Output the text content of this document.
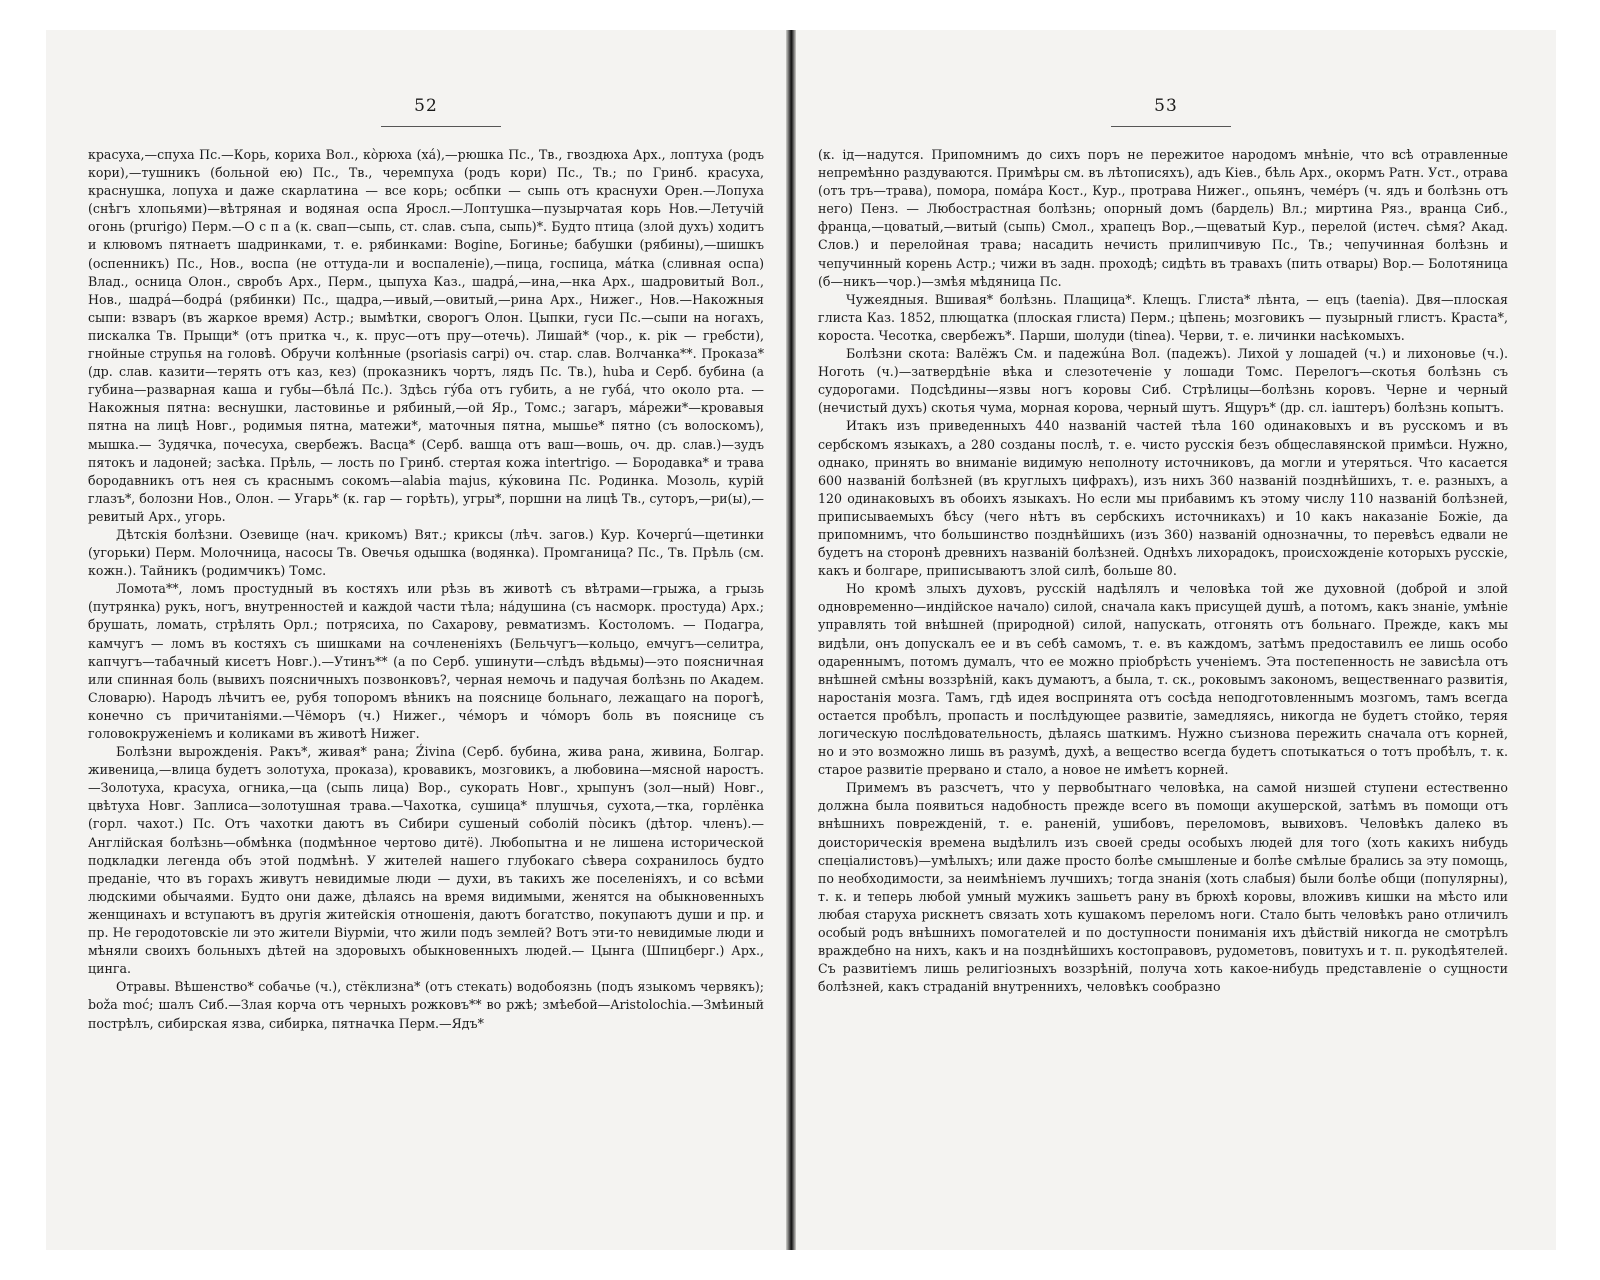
52

красуха,—спуха Пс.—Корь, кориха Вол., кòрюха (хá),—рюшка Пс., Тв., гвоздюха Арх., лоптуха (родъ кори),—тушникъ (больной ею) Пс., Тв., черемпуха (родъ кори) Пс., Тв.; по Гринб. красуха, краснушка, лопуха и даже скарлатина — все корь; осбпки — сыпь отъ краснухи Орен.—Лопуха (снѣгъ хлопьями)—вѣтряная и водяная оспа Яросл.—Лоптушка—пузырчатая корь Нов.—Летучій огонь (prurigo) Перм.—О с п а (к. свап—сыпь, ст. слав. съпа, сыпь)*. Будто птица (злой духъ) ходитъ и клювомъ пятнаетъ шадринками, т. е. рябинками: Bogine, Богинье; бабушки (рябины),—шишкъ (оспенникъ) Пс., Нов., воспа (не оттуда-ли и воспаленіе),—пица, госпица, мáтка (сливная оспа) Влад., осница Олон., свробъ Арх., Перм., цыпуха Каз., шадрá,—ина,—нка Арх., шадровитый Вол., Нов., шадрá—бодрá (рябинки) Пс., щадра,—ивый,—овитый,—рина Арх., Нижег., Нов.—Накожныя сыпи: взваръ (въ жаркое время) Астр.; вымѣтки, сворогъ Олон. Цыпки, гуси Пс.—сыпи на ногахъ, пискалка Тв. Прыщи* (отъ притка ч., к. прус—отъ пру—отечь). Лишай* (чор., к. рік — гребсти), гнойные струпья на головѣ. Обручи колѣнные (psoriasis carpi) оч. стар. слав. Волчанка**. Проказа* (др. слав. казити—терять отъ каз, кез) (проказникъ чортъ, лядъ Пс. Тв.), huba и Серб. бубина (а губина—разварная каша и губы—бѣлá Пс.). Здѣсь гýба отъ губить, а не губá, что около рта. — Накожныя пятна: веснушки, ластовинье и рябиный,—ой Яр., Томс.; загаръ, мáрежи*—кровавыя пятна на лицѣ Новг., родимыя пятна, матежи*, маточныя пятна, мышье* пятно (съ волоскомъ), мышка.— Зудячка, почесуха, свербежъ. Васца* (Серб. вашца отъ ваш—вошь, оч. др. слав.)—зудъ пятокъ и ладоней; засѣка. Прѣль, — лость по Гринб. стертая кожа intertrigo. — Бородавка* и трава бородавникъ отъ нея съ краснымъ сокомъ—alabia majus, кýковина Пс. Родинка. Мозоль, курій глазъ*, болозни Нов., Олон. — Угарь* (к. гар — горѣть), угры*, поршни на лицѣ Тв., суторъ,—ри(ы),—ревитый Арх., угорь.

Дѣтскія болѣзни. Озевище (нач. крикомъ) Вят.; криксы (лѣч. загов.) Кур. Кочергú—щетинки (угорьки) Перм. Молочница, насосы Тв. Овечья одышка (водянка). Промганица? Пс., Тв. Прѣль (см. кожн.). Тайникъ (родимчикъ) Томс.

Ломота**, ломъ простудный въ костяхъ или рѣзь въ животѣ съ вѣтрами—грыжа, а грызь (путрянка) рукъ, ногъ, внутренностей и каждой части тѣла; нáдушина (съ насморк. простуда) Арх.; брушать, ломать, стрѣлять Орл.; потрясиха, по Сахарову, ревматизмъ. Костоломъ. — Подагра, камчугъ — ломъ въ костяхъ съ шишками на сочлененіяхъ (Бельчугъ—кольцо, емчугъ—селитра, капчугъ—табачный кисетъ Новг.).—Утинъ** (а по Серб. ушинути—слѣдъ вѣдьмы)—это поясничная или спинная боль (вывихъ поясничныхъ позвонковъ?, черная немочь и падучая болѣзнь по Академ. Словарю). Народъ лѣчитъ ее, рубя топоромъ вѣникъ на пояснице больнаго, лежащаго на порогѣ, конечно съ причитаніями.—Чёморъ (ч.) Нижег., чéморъ и чóморъ боль въ пояснице съ головокруженіемъ и коликами въ животѣ Нижег.

Болѣзни вырожденія. Ракъ*, живая* рана; Źivina (Серб. бубина, жива рана, живина, Болгар. живеница,—влица будетъ золотуха, проказа), кровавикъ, мозговикъ, а любовина—мясной наростъ.—Золотуха, красуха, огника,—ца (сыпь лица) Вор., сукорать Новг., хрыпунъ (зол—ный) Новг., цвѣтуха Новг. Заплиса—золотушная трава.—Чахотка, сушица* плушчья, сухота,—тка, горлёнка (горл. чахот.) Пс. Отъ чахотки даютъ въ Сибири сушеный соболій пòсикъ (дѣтор. членъ).—Англійская болѣзнь—обмѣнка (подмѣнное чертово дитё). Любопытна и не лишена исторической подкладки легенда объ этой подмѣнѣ. У жителей нашего глубокаго сѣвера сохранилось будто преданіе, что въ горахъ живутъ невидимые люди — духи, въ такихъ же поселеніяхъ, и со всѣми людскими обычаями. Будто они даже, дѣлаясь на время видимыми, женятся на обыкновенныхъ женщинахъ и вступаютъ въ другія житейскія отношенія, даютъ богатство, покупаютъ души и пр. и пр. Не геродотовскіе ли это жители Віурміи, что жили подъ землей? Вотъ эти-то невидимые люди и мѣняли своихъ больныхъ дѣтей на здоровыхъ обыкновенныхъ людей.— Цынга (Шпицберг.) Арх., цинга.

Отравы. Вѣшенство* собачье (ч.), стёклизна* (отъ стекать) водобоязнь (подъ языкомъ червякъ); boža moć; шалъ Сиб.—Злая корча отъ черныхъ рожковъ** во ржѣ; змѣебой—Aristolochia.—Змѣиный пострѣлъ, сибирская язва, сибирка, пятначка Перм.—Ядъ*

53

(к. ід—надутся. Припомнимъ до сихъ поръ не пережитое народомъ мнѣніе, что всѣ отравленные непремѣнно раздуваются. Примѣры см. въ лѣтописяхъ), адъ Кіев., бѣль Арх., окормъ Ратн. Уст., отрава (отъ тръ—трава), помора, помáра Кост., Кур., протрава Нижег., опьянъ, чемéръ (ч. ядъ и болѣзнь отъ него) Пенз. — Любострастная болѣзнь; опорный домъ (бардель) Вл.; миртина Ряз., вранца Сиб., франца,—цоватый,—витый (сыпь) Смол., храпецъ Вор.,—щеватый Кур., перелой (истеч. сѣмя? Акад. Слов.) и перелойная трава; насадить нечисть прилипчивую Пс., Тв.; чепучинная болѣзнь и чепучинный корень Астр.; чижи въ задн. проходѣ; сидѣть въ травахъ (пить отвары) Вор.— Болотяница (б—никъ—чор.)—змѣя мѣдяница Пс.

Чужеядныя. Вшивая* болѣзнь. Плащица*. Клещъ. Глиста* лѣнта, — ецъ (taenia). Двя—плоская глиста Каз. 1852, плющатка (плоская глиста) Перм.; цѣпень; мозговикъ — пузырный глистъ. Краста*, короста. Чесотка, свербежъ*. Парши, шолуди (tinea). Черви, т. е. личинки насѣкомыхъ.

Болѣзни скота: Валёжъ См. и падежúна Вол. (падежъ). Лихой у лошадей (ч.) и лихоновье (ч.). Ноготь (ч.)—затвердѣніе вѣка и слезотеченіе у лошади Томс. Перелогъ—скотья болѣзнь съ судорогами. Подсѣдины—язвы ногъ коровы Сиб. Стрѣлицы—болѣзнь коровъ. Черне и черный (нечистый духъ) скотья чума, морная корова, черный шутъ. Ящуръ* (др. сл. іаштеръ) болѣзнь копытъ.

Итакъ изъ приведенныхъ 440 названій частей тѣла 160 одинаковыхъ и въ русскомъ и въ сербскомъ языкахъ, а 280 созданы послѣ, т. е. чисто русскія безъ общеславянской примѣси. Нужно, однако, принять во вниманіе видимую неполноту источниковъ, да могли и утеряться. Что касается 600 названій болѣзней (въ круглыхъ цифрахъ), изъ нихъ 360 названій позднѣйшихъ, т. е. разныхъ, а 120 одинаковыхъ въ обоихъ языкахъ. Но если мы прибавимъ къ этому числу 110 названій болѣзней, приписываемыхъ бѣсу (чего нѣтъ въ сербскихъ источникахъ) и 10 какъ наказаніе Божіе, да припомнимъ, что большинство позднѣйшихъ (изъ 360) названій однозначны, то перевѣсъ едвали не будетъ на сторонѣ древнихъ названій болѣзней. Однѣхъ лихорадокъ, происхожденіе которыхъ русскіе, какъ и болгаре, приписываютъ злой силѣ, больше 80.

Но кромѣ злыхъ духовъ, русскій надѣлялъ и человѣка той же духовной (доброй и злой одновременно—индійское начало) силой, сначала какъ присущей душѣ, а потомъ, какъ знаніе, умѣніе управлять той внѣшней (природной) силой, напускать, отгонять отъ больнаго. Прежде, какъ мы видѣли, онъ допускалъ ее и въ себѣ самомъ, т. е. въ каждомъ, затѣмъ предоставилъ ее лишь особо одареннымъ, потомъ думалъ, что ее можно пріобрѣсть ученіемъ. Эта постепенность не зависѣла отъ внѣшней смѣны воззрѣній, какъ думаютъ, а была, т. ск., роковымъ закономъ, вещественнаго развитія, наростанія мозга. Тамъ, гдѣ идея воспринята отъ сосѣда неподготовленнымъ мозгомъ, тамъ всегда остается пробѣлъ, пропасть и послѣдующее развитіе, замедляясь, никогда не будетъ стойко, теряя логическую послѣдовательность, дѣлаясь шаткимъ. Нужно съизнова пережить сначала отъ корней, но и это возможно лишь въ разумѣ, духѣ, а вещество всегда будетъ спотыкаться о тотъ пробѣлъ, т. к. старое развитіе прервано и стало, а новое не имѣетъ корней.

Примемъ въ разсчетъ, что у первобытнаго человѣка, на самой низшей ступени естественно должна была появиться надобность прежде всего въ помощи акушерской, затѣмъ въ помощи отъ внѣшнихъ поврежденій, т. е. раненій, ушибовъ, переломовъ, вывиховъ. Человѣкъ далеко въ доисторическія времена выдѣлилъ изъ своей среды особыхъ людей для того (хоть какихъ нибудь спеціалистовъ)—умѣлыхъ; или даже просто болѣе смышленые и болѣе смѣлые брались за эту помощь, по необходимости, за неимѣніемъ лучшихъ; тогда знанія (хоть слабыя) были болѣе общи (популярны), т. к. и теперь любой умный мужикъ зашьетъ рану въ брюхѣ коровы, вложивъ кишки на мѣсто или любая старуха рискнетъ связать хоть кушакомъ переломъ ноги. Стало быть человѣкъ рано отличилъ особый родъ внѣшнихъ помогателей и по доступности пониманія ихъ дѣйствій никогда не смотрѣлъ враждебно на нихъ, какъ и на позднѣйшихъ костоправовъ, рудометовъ, повитухъ и т. п. рукодѣятелей. Съ развитіемъ лишь религіозныхъ воззрѣній, получа хоть какое-нибудь представленіе о сущности болѣзней, какъ страданій внутреннихъ, человѣкъ сообразно
